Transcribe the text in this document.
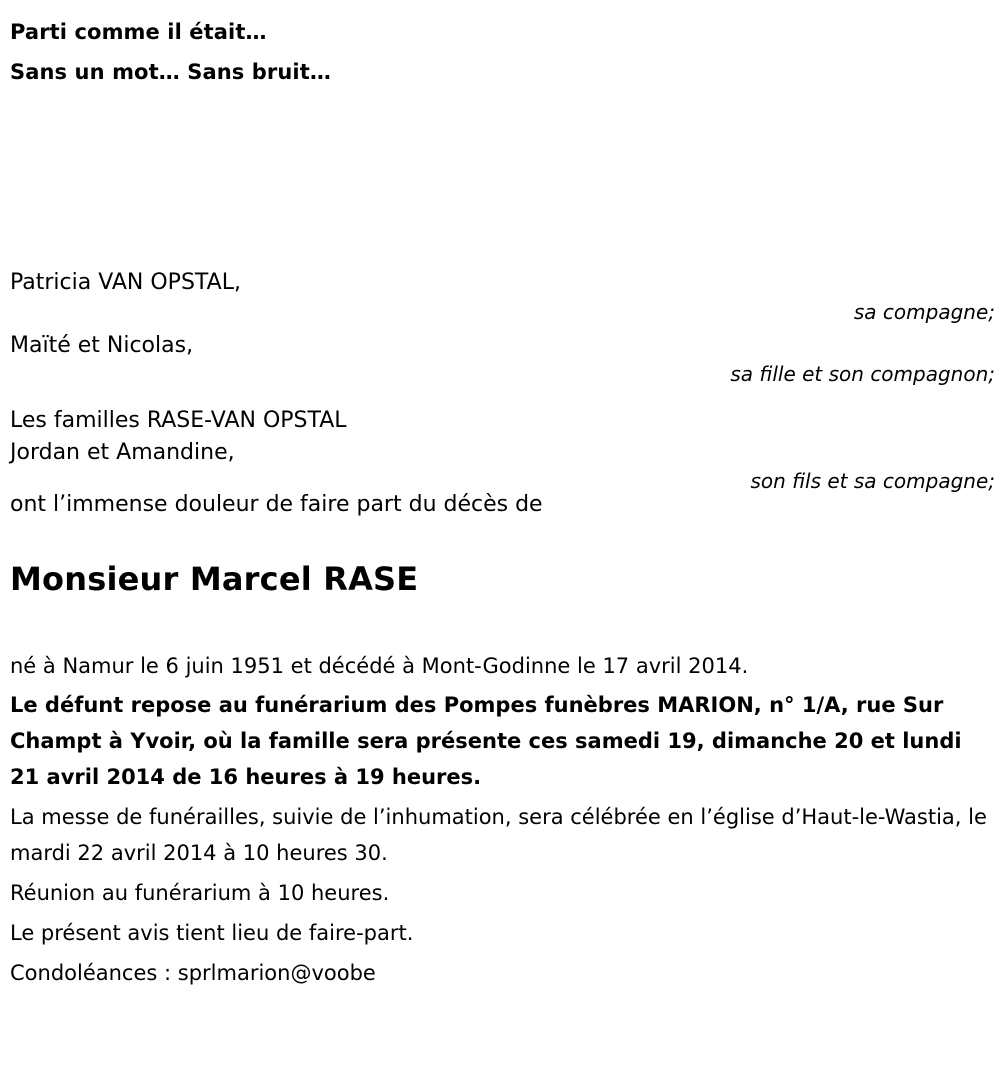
Parti comme il était…
Sans un mot… Sans bruit…
Patricia VAN OPSTAL,
sa compagne;
Maïté et Nicolas,
sa fille et son compagnon;
Jordan et Amandine,
son fils et sa compagne;
Les familles RASE-VAN OPSTAL
ont l’immense douleur de faire part du décès de
Monsieur Marcel RASE

né à Namur le 6 juin 1951 et décédé à Mont-Godinne le 17 avril 2014.

Le défunt repose au funérarium des Pompes funèbres MARION, n° 1/A, rue Sur Champt à Yvoir, où la famille sera présente ces samedi 19, dimanche 20 et lundi 21 avril 2014 de 16 heures à 19 heures.

La messe de funérailles, suivie de l’inhumation, sera célébrée en l’église d’Haut-le-Wastia, le mardi 22 avril 2014 à 10 heures 30.

Réunion au funérarium à 10 heures.

Le présent avis tient lieu de faire-part.

Condoléances : sprlmarion@voobe
